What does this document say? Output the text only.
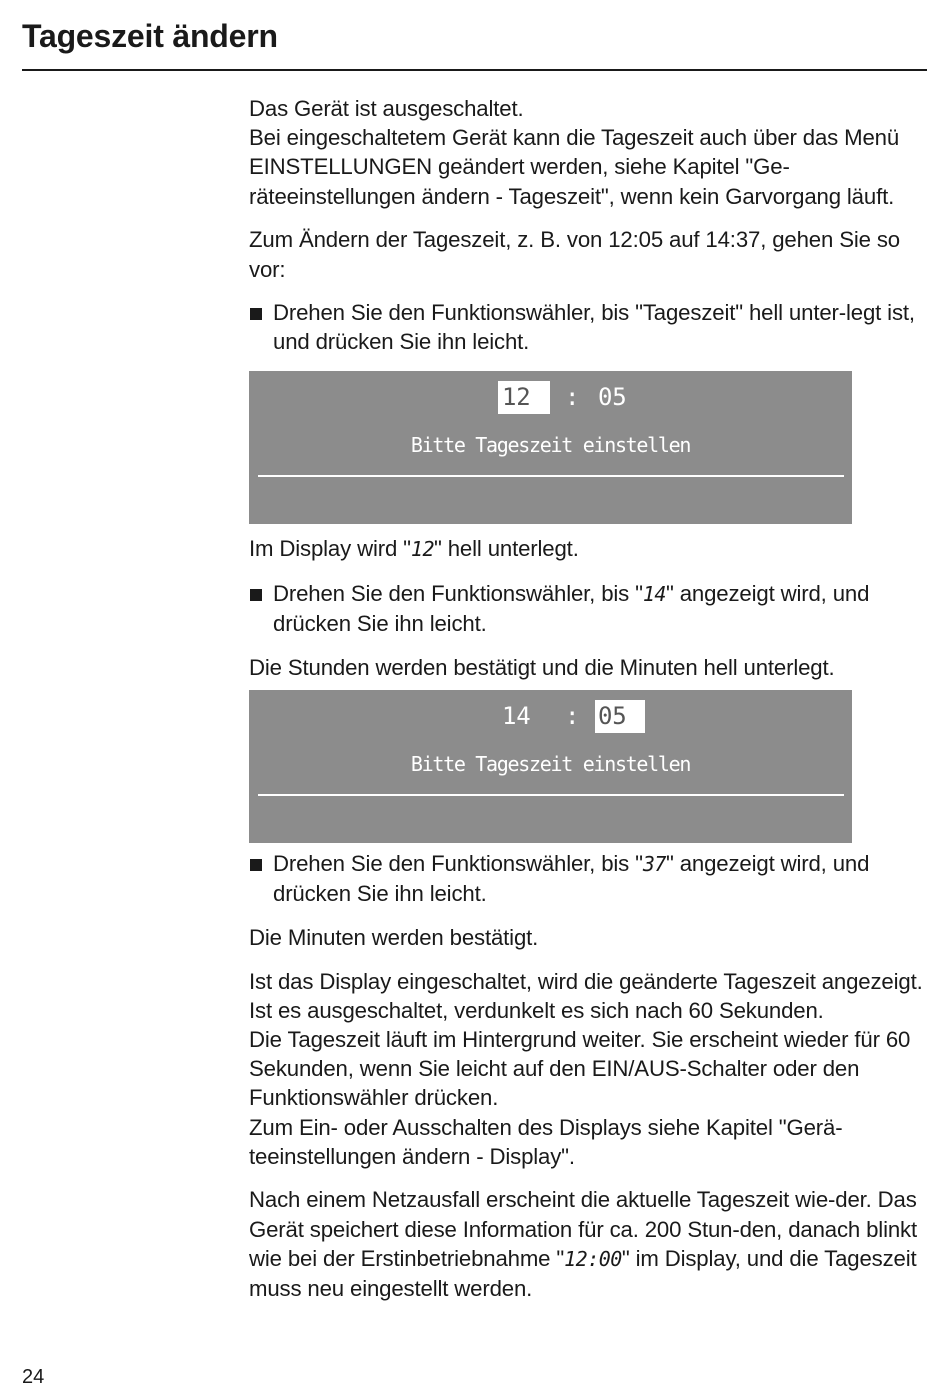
Tageszeit ändern

Das Gerät ist ausgeschaltet.
Bei eingeschaltetem Gerät kann die Tageszeit auch über das Menü EINSTELLUNGEN geändert werden, siehe Kapitel "Ge-räteeinstellungen ändern - Tageszeit", wenn kein Garvorgang läuft.

Zum Ändern der Tageszeit, z. B. von 12:05 auf 14:37, gehen Sie so vor:

Drehen Sie den Funktionswähler, bis "Tageszeit" hell unter-legt ist, und drücken Sie ihn leicht.
12	: 05
Bitte Tageszeit einstellen

Im Display wird "12" hell unterlegt.

Drehen Sie den Funktionswähler, bis "14" angezeigt wird, und drücken Sie ihn leicht.

Die Stunden werden bestätigt und die Minuten hell unterlegt.

14	: 05
Bitte Tageszeit einstellen
Drehen Sie den Funktionswähler, bis "37" angezeigt wird, und drücken Sie ihn leicht.

Die Minuten werden bestätigt.

Ist das Display eingeschaltet, wird die geänderte Tageszeit angezeigt.
Ist es ausgeschaltet, verdunkelt es sich nach 60 Sekunden.
Die Tageszeit läuft im Hintergrund weiter. Sie erscheint wieder für 60 Sekunden, wenn Sie leicht auf den EIN/AUS-Schalter oder den Funktionswähler drücken.
Zum Ein- oder Ausschalten des Displays siehe Kapitel "Gerä-teeinstellungen ändern - Display".

Nach einem Netzausfall erscheint die aktuelle Tageszeit wie-der. Das Gerät speichert diese Information für ca. 200 Stun-den, danach blinkt wie bei der Erstinbetriebnahme "12:00" im Display, und die Tageszeit muss neu eingestellt werden.

24
